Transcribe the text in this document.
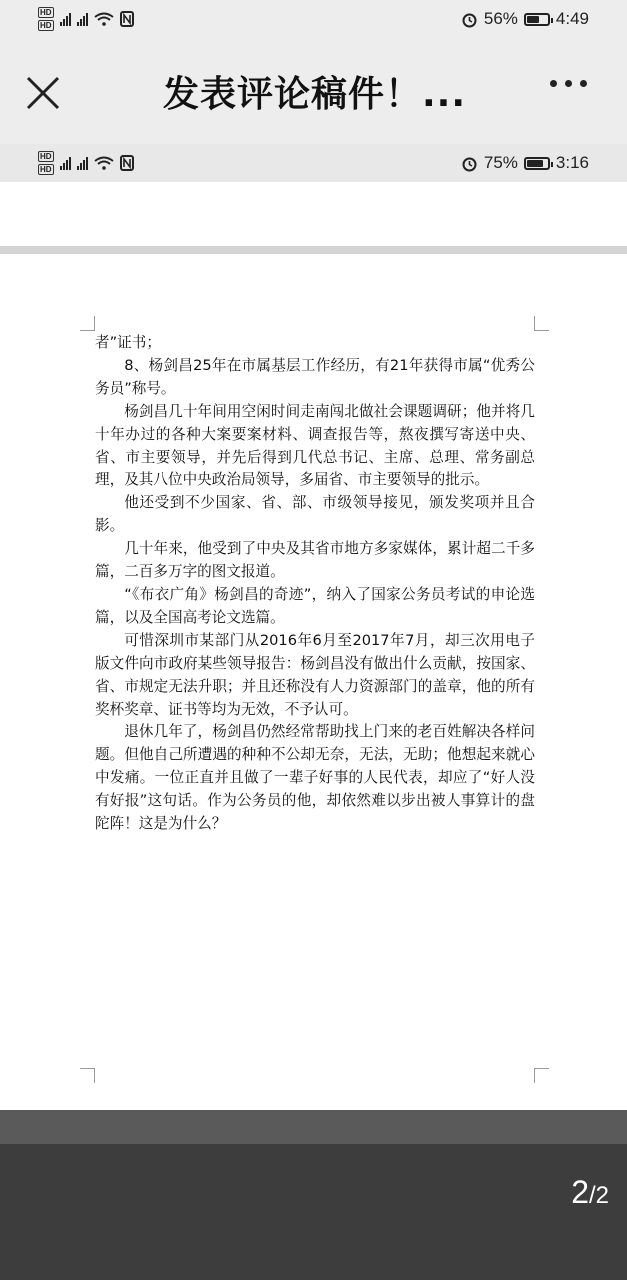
HD
HD	56% 4:49
发表评论稿件！...
HD
HD	75% 3:16

者”证书；

8、杨剑昌25年在市属基层工作经历，有21年获得市属“优秀公务员”称号。

杨剑昌几十年间用空闲时间走南闯北做社会课题调研；他并将几十年办过的各种大案要案材料、调查报告等，熬夜撰写寄送中央、省、市主要领导，并先后得到几代总书记、主席、总理、常务副总理，及其八位中央政治局领导，多届省、市主要领导的批示。

他还受到不少国家、省、部、市级领导接见，颁发奖项并且合影。

几十年来，他受到了中央及其省市地方多家媒体，累计超二千多篇，二百多万字的图文报道。

“《布衣广角》杨剑昌的奇迹”，纳入了国家公务员考试的申论选篇，以及全国高考论文选篇。

可惜深圳市某部门从2016年6月至2017年7月，却三次用电子版文件向市政府某些领导报告：杨剑昌没有做出什么贡献，按国家、省、市规定无法升职；并且还称没有人力资源部门的盖章，他的所有奖杯奖章、证书等均为无效，不予认可。

退休几年了，杨剑昌仍然经常帮助找上门来的老百姓解决各样问题。但他自己所遭遇的种种不公却无奈，无法，无助；他想起来就心中发痛。一位正直并且做了一辈子好事的人民代表，却应了“好人没有好报”这句话。作为公务员的他，却依然难以步出被人事算计的盘陀阵！这是为什么？

2/2
